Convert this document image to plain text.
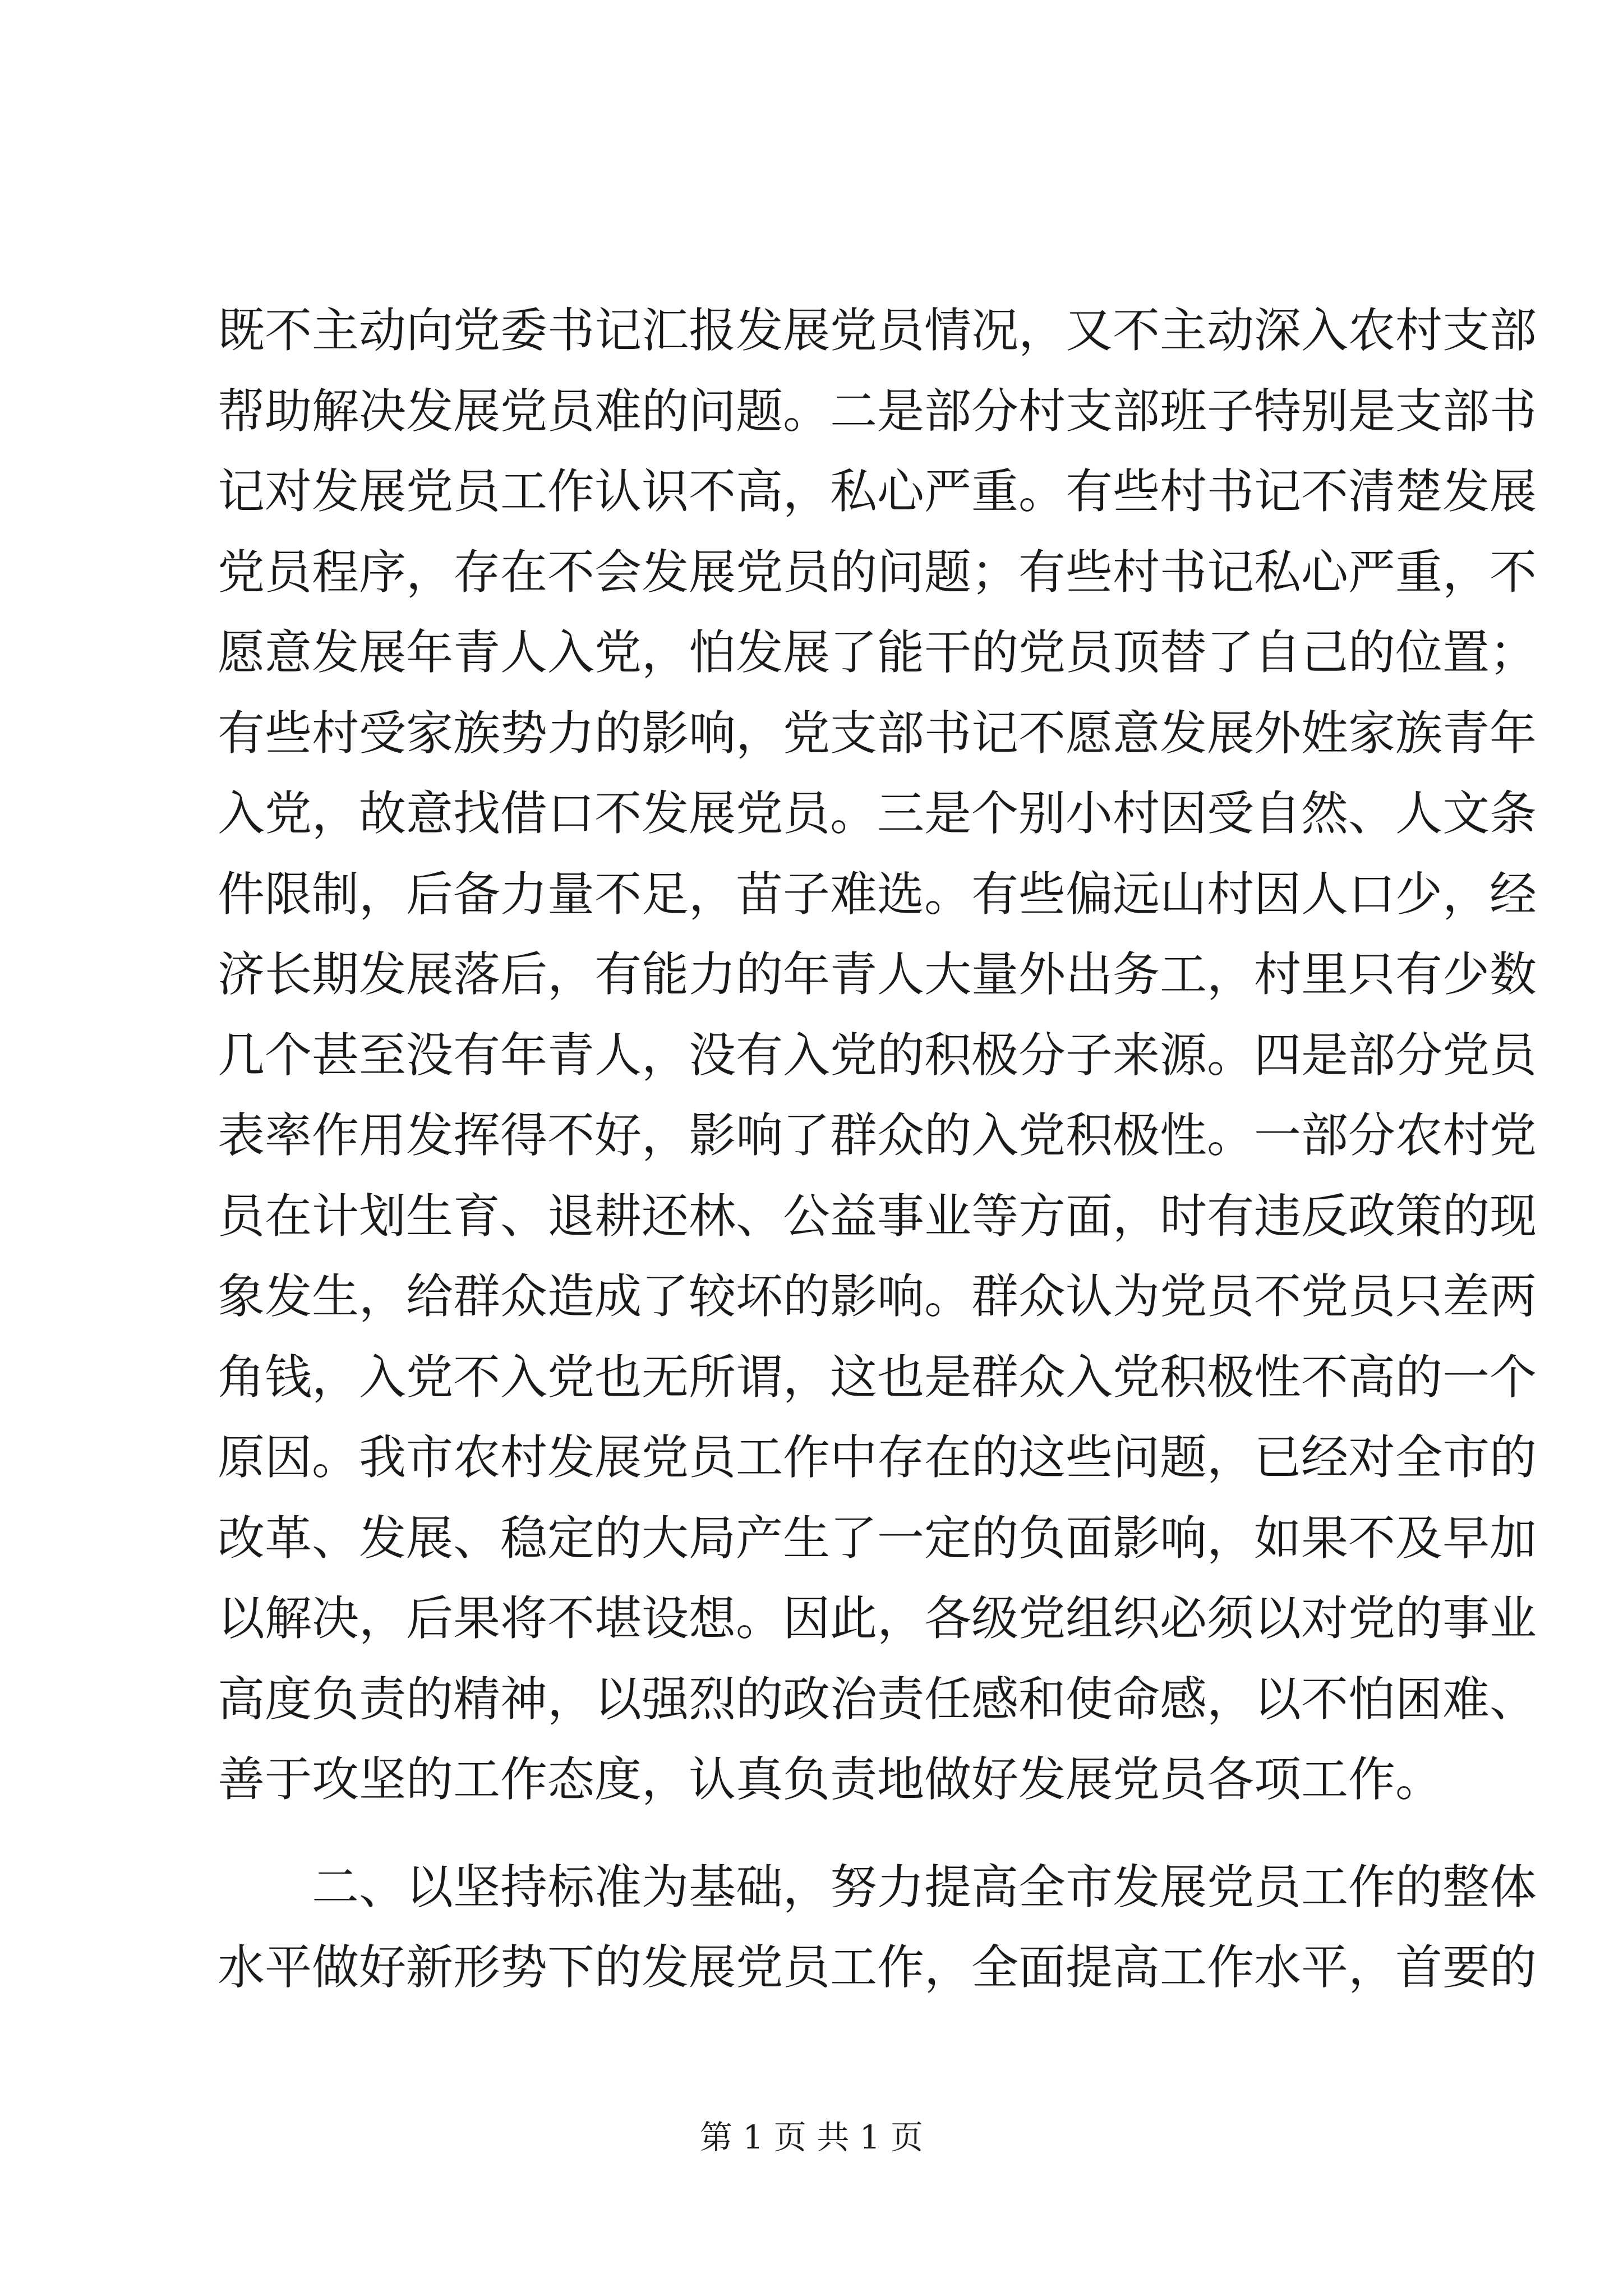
既不主动向党委书记汇报发展党员情况，又不主动深入农村支部
帮助解决发展党员难的问题。二是部分村支部班子特别是支部书
记对发展党员工作认识不高，私心严重。有些村书记不清楚发展
党员程序，存在不会发展党员的问题；有些村书记私心严重，不
愿意发展年青人入党，怕发展了能干的党员顶替了自己的位置；
有些村受家族势力的影响，党支部书记不愿意发展外姓家族青年
入党，故意找借口不发展党员。三是个别小村因受自然、人文条
件限制，后备力量不足，苗子难选。有些偏远山村因人口少，经
济长期发展落后，有能力的年青人大量外出务工，村里只有少数
几个甚至没有年青人，没有入党的积极分子来源。四是部分党员
表率作用发挥得不好，影响了群众的入党积极性。一部分农村党
员在计划生育、退耕还林、公益事业等方面，时有违反政策的现
象发生，给群众造成了较坏的影响。群众认为党员不党员只差两
角钱，入党不入党也无所谓，这也是群众入党积极性不高的一个
原因。我市农村发展党员工作中存在的这些问题，已经对全市的
改革、发展、稳定的大局产生了一定的负面影响，如果不及早加
以解决，后果将不堪设想。因此，各级党组织必须以对党的事业
高度负责的精神，以强烈的政治责任感和使命感，以不怕困难、
善于攻坚的工作态度，认真负责地做好发展党员各项工作。
二、以坚持标准为基础，努力提高全市发展党员工作的整体
水平做好新形势下的发展党员工作，全面提高工作水平，首要的
第 1 页 共 1 页
